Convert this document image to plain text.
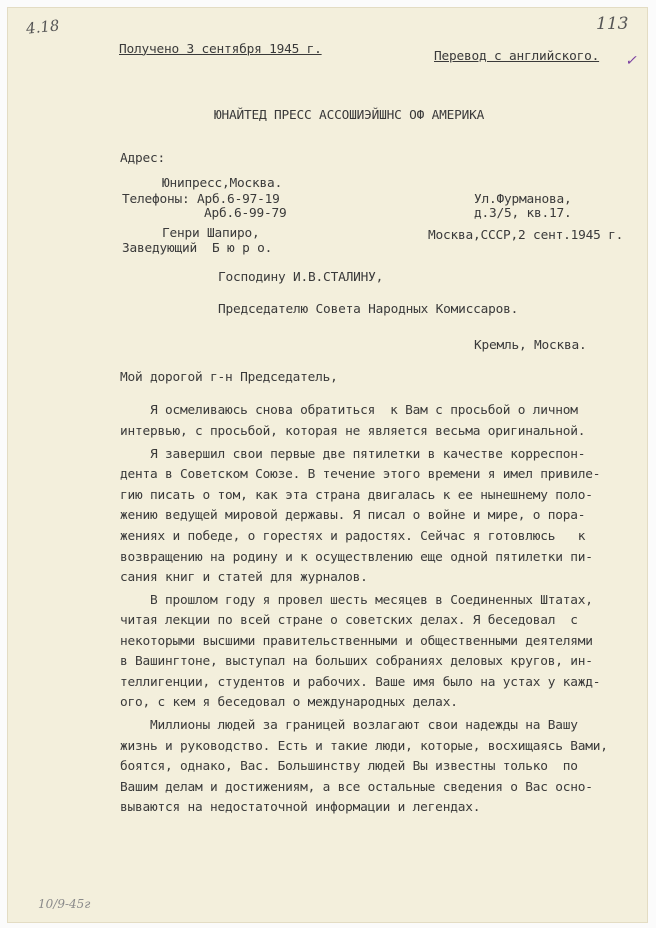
4.18	113
✓
10/9-45г
Получено 3 сентября 1945 г.	Перевод с английского.
ЮНАЙТЕД ПРЕСС АССОШИЭЙШНС ОФ АМЕРИКА
Адрес:
Юнипресс,Москва.
Телефоны: Арб.6-97-19
Арб.6-99-79
Ул.Фурманова,
д.3/5, кв.17.
Генри Шапиро,
Заведующий  Б ю р о.
Москва,СССР,2 сент.1945 г.
Господину И.В.СТАЛИНУ,
Председателю Совета Народных Комиссаров.
Кремль, Москва.
Мой дорогой г-н Председатель,
Я осмеливаюсь снова обратиться  к Вам с просьбой о личном
интервью, с просьбой, которая не является весьма оригинальной.
Я завершил свои первые две пятилетки в качестве корреспон-
дента в Советском Союзе. В течение этого времени я имел привиле-
гию писать о том, как эта страна двигалась к ее нынешнему поло-
жению ведущей мировой державы. Я писал о войне и мире, о пора-
жениях и победе, о горестях и радостях. Сейчас я готовлюсь   к
возвращению на родину и к осуществлению еще одной пятилетки пи-
сания книг и статей для журналов.
В прошлом году я провел шесть месяцев в Соединенных Штатах,
читая лекции по всей стране о советских делах. Я беседовал  с
некоторыми высшими правительственными и общественными деятелями
в Вашингтоне, выступал на больших собраниях деловых кругов, ин-
теллигенции, студентов и рабочих. Ваше имя было на устах у кажд-
ого, с кем я беседовал о международных делах.
Миллионы людей за границей возлагают свои надежды на Вашу
жизнь и руководство. Есть и такие люди, которые, восхищаясь Вами,
боятся, однако, Вас. Большинству людей Вы известны только  по
Вашим делам и достижениям, а все остальные сведения о Вас осно-
вываются на недостаточной информации и легендах.
